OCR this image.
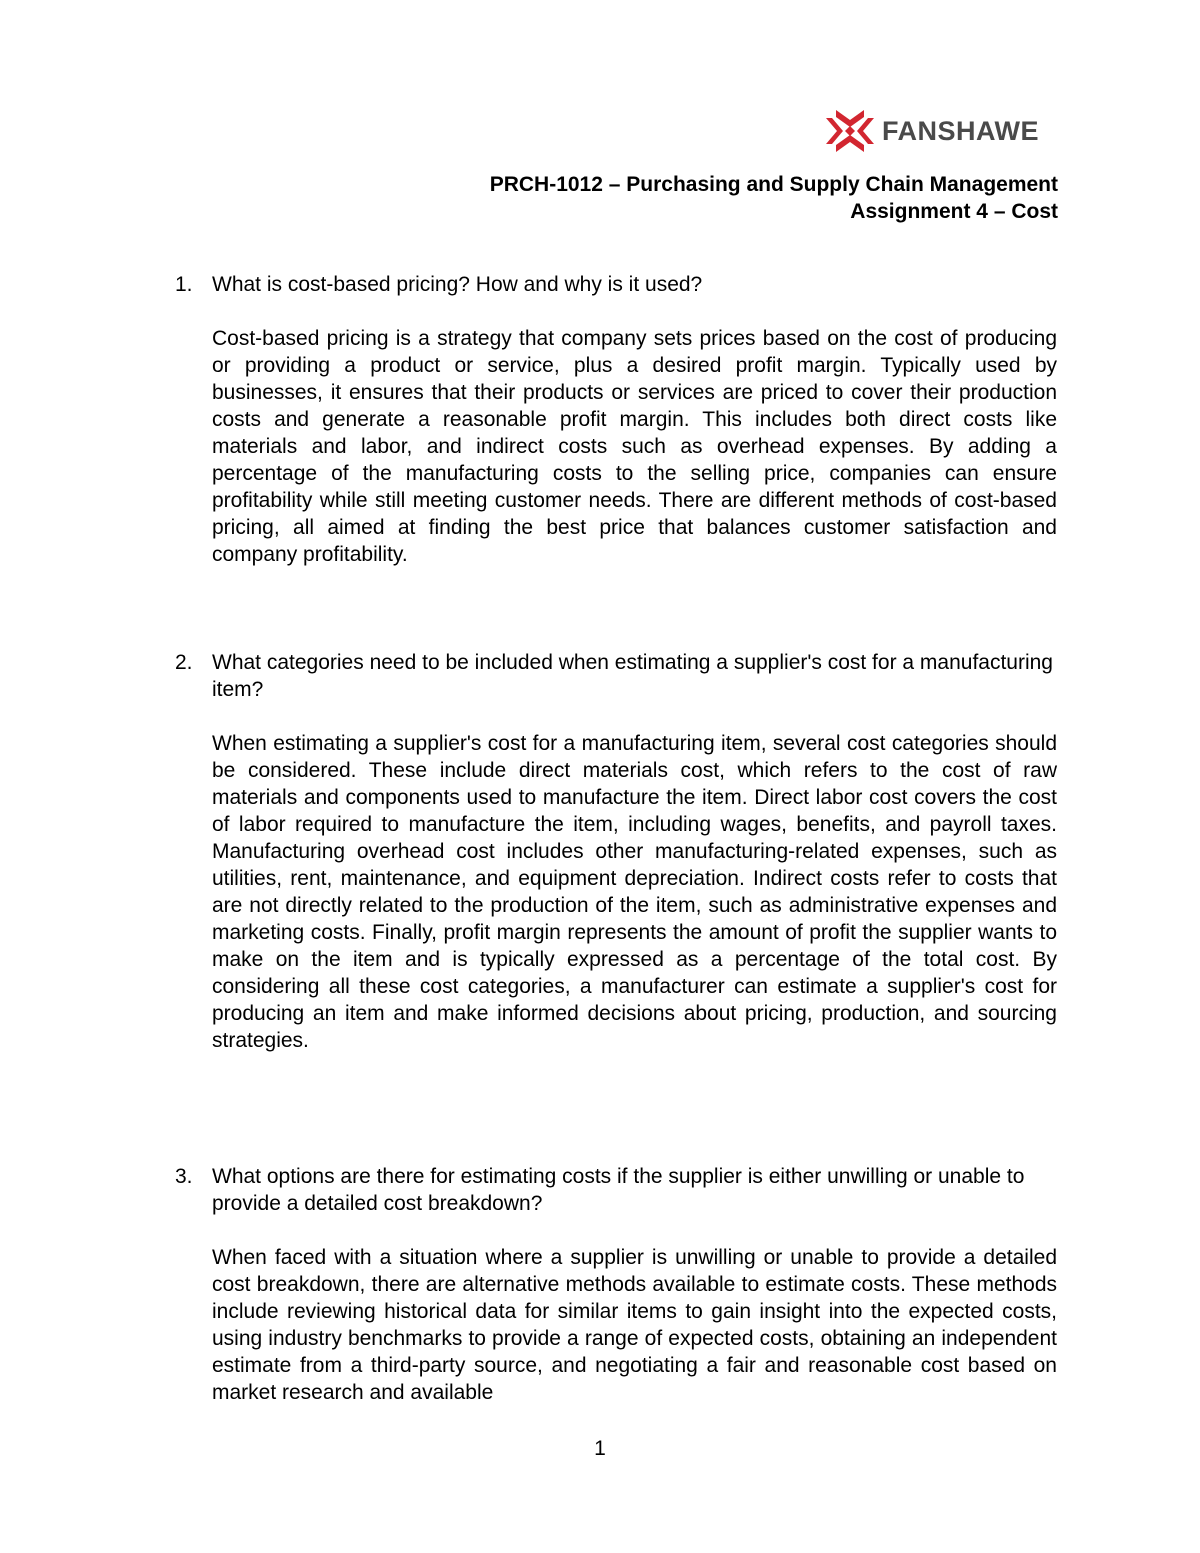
FANSHAWE
PRCH-1012 – Purchasing and Supply Chain Management
Assignment 4 – Cost
1. What is cost-based pricing? How and why is it used?

Cost-based pricing is a strategy that company sets prices based on the cost of producing or providing a product or service, plus a desired profit margin. Typically used by businesses, it ensures that their products or services are priced to cover their production costs and generate a reasonable profit margin. This includes both direct costs like materials and labor, and indirect costs such as overhead expenses. By adding a percentage of the manufacturing costs to the selling price, companies can ensure profitability while still meeting customer needs. There are different methods of cost-based pricing, all aimed at finding the best price that balances customer satisfaction and company profitability.

2. What categories need to be included when estimating a supplier's cost for a manufacturing item?

When estimating a supplier's cost for a manufacturing item, several cost categories should be considered. These include direct materials cost, which refers to the cost of raw materials and components used to manufacture the item. Direct labor cost covers the cost of labor required to manufacture the item, including wages, benefits, and payroll taxes. Manufacturing overhead cost includes other manufacturing-related expenses, such as utilities, rent, maintenance, and equipment depreciation. Indirect costs refer to costs that are not directly related to the production of the item, such as administrative expenses and marketing costs. Finally, profit margin represents the amount of profit the supplier wants to make on the item and is typically expressed as a percentage of the total cost. By considering all these cost categories, a manufacturer can estimate a supplier's cost for producing an item and make informed decisions about pricing, production, and sourcing strategies.

3. What options are there for estimating costs if the supplier is either unwilling or unable to provide a detailed cost breakdown?

When faced with a situation where a supplier is unwilling or unable to provide a detailed cost breakdown, there are alternative methods available to estimate costs. These methods include reviewing historical data for similar items to gain insight into the expected costs, using industry benchmarks to provide a range of expected costs, obtaining an independent estimate from a third-party source, and negotiating a fair and reasonable cost based on market research and available

1
